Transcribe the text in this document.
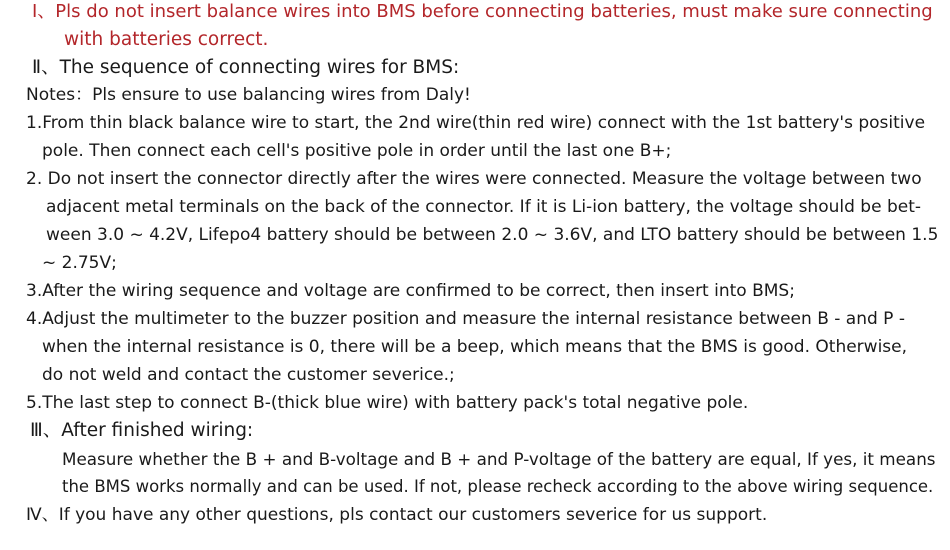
Ⅰ、Pls do not insert balance wires into BMS before connecting batteries, must make sure connecting
with batteries correct.
Ⅱ、The sequence of connecting wires for BMS:
Notes：Pls ensure to use balancing wires from Daly!
1.From thin black balance wire to start, the 2nd wire(thin red wire) connect with the 1st battery's positive
pole. Then connect each cell's positive pole in order until the last one B+;
2. Do not insert the connector directly after the wires were connected. Measure the voltage between two
adjacent metal terminals on the back of the connector. If it is Li-ion battery, the voltage should be bet-
ween 3.0 ~ 4.2V, Lifepo4 battery should be between 2.0 ~ 3.6V, and LTO battery should be between 1.5
~ 2.75V;
3.After the wiring sequence and voltage are confirmed to be correct, then insert into BMS;
4.Adjust the multimeter to the buzzer position and measure the internal resistance between B - and P -
when the internal resistance is 0, there will be a beep, which means that the BMS is good. Otherwise,
do not weld and contact the customer severice.;
5.The last step to connect B-(thick blue wire) with battery pack's total negative pole.
Ⅲ、After finished wiring:
Measure whether the B + and B-voltage and B + and P-voltage of the battery are equal, If yes, it means
the BMS works normally and can be used. If not, please recheck according to the above wiring sequence.
Ⅳ、If you have any other questions, pls contact our customers severice for us support.
